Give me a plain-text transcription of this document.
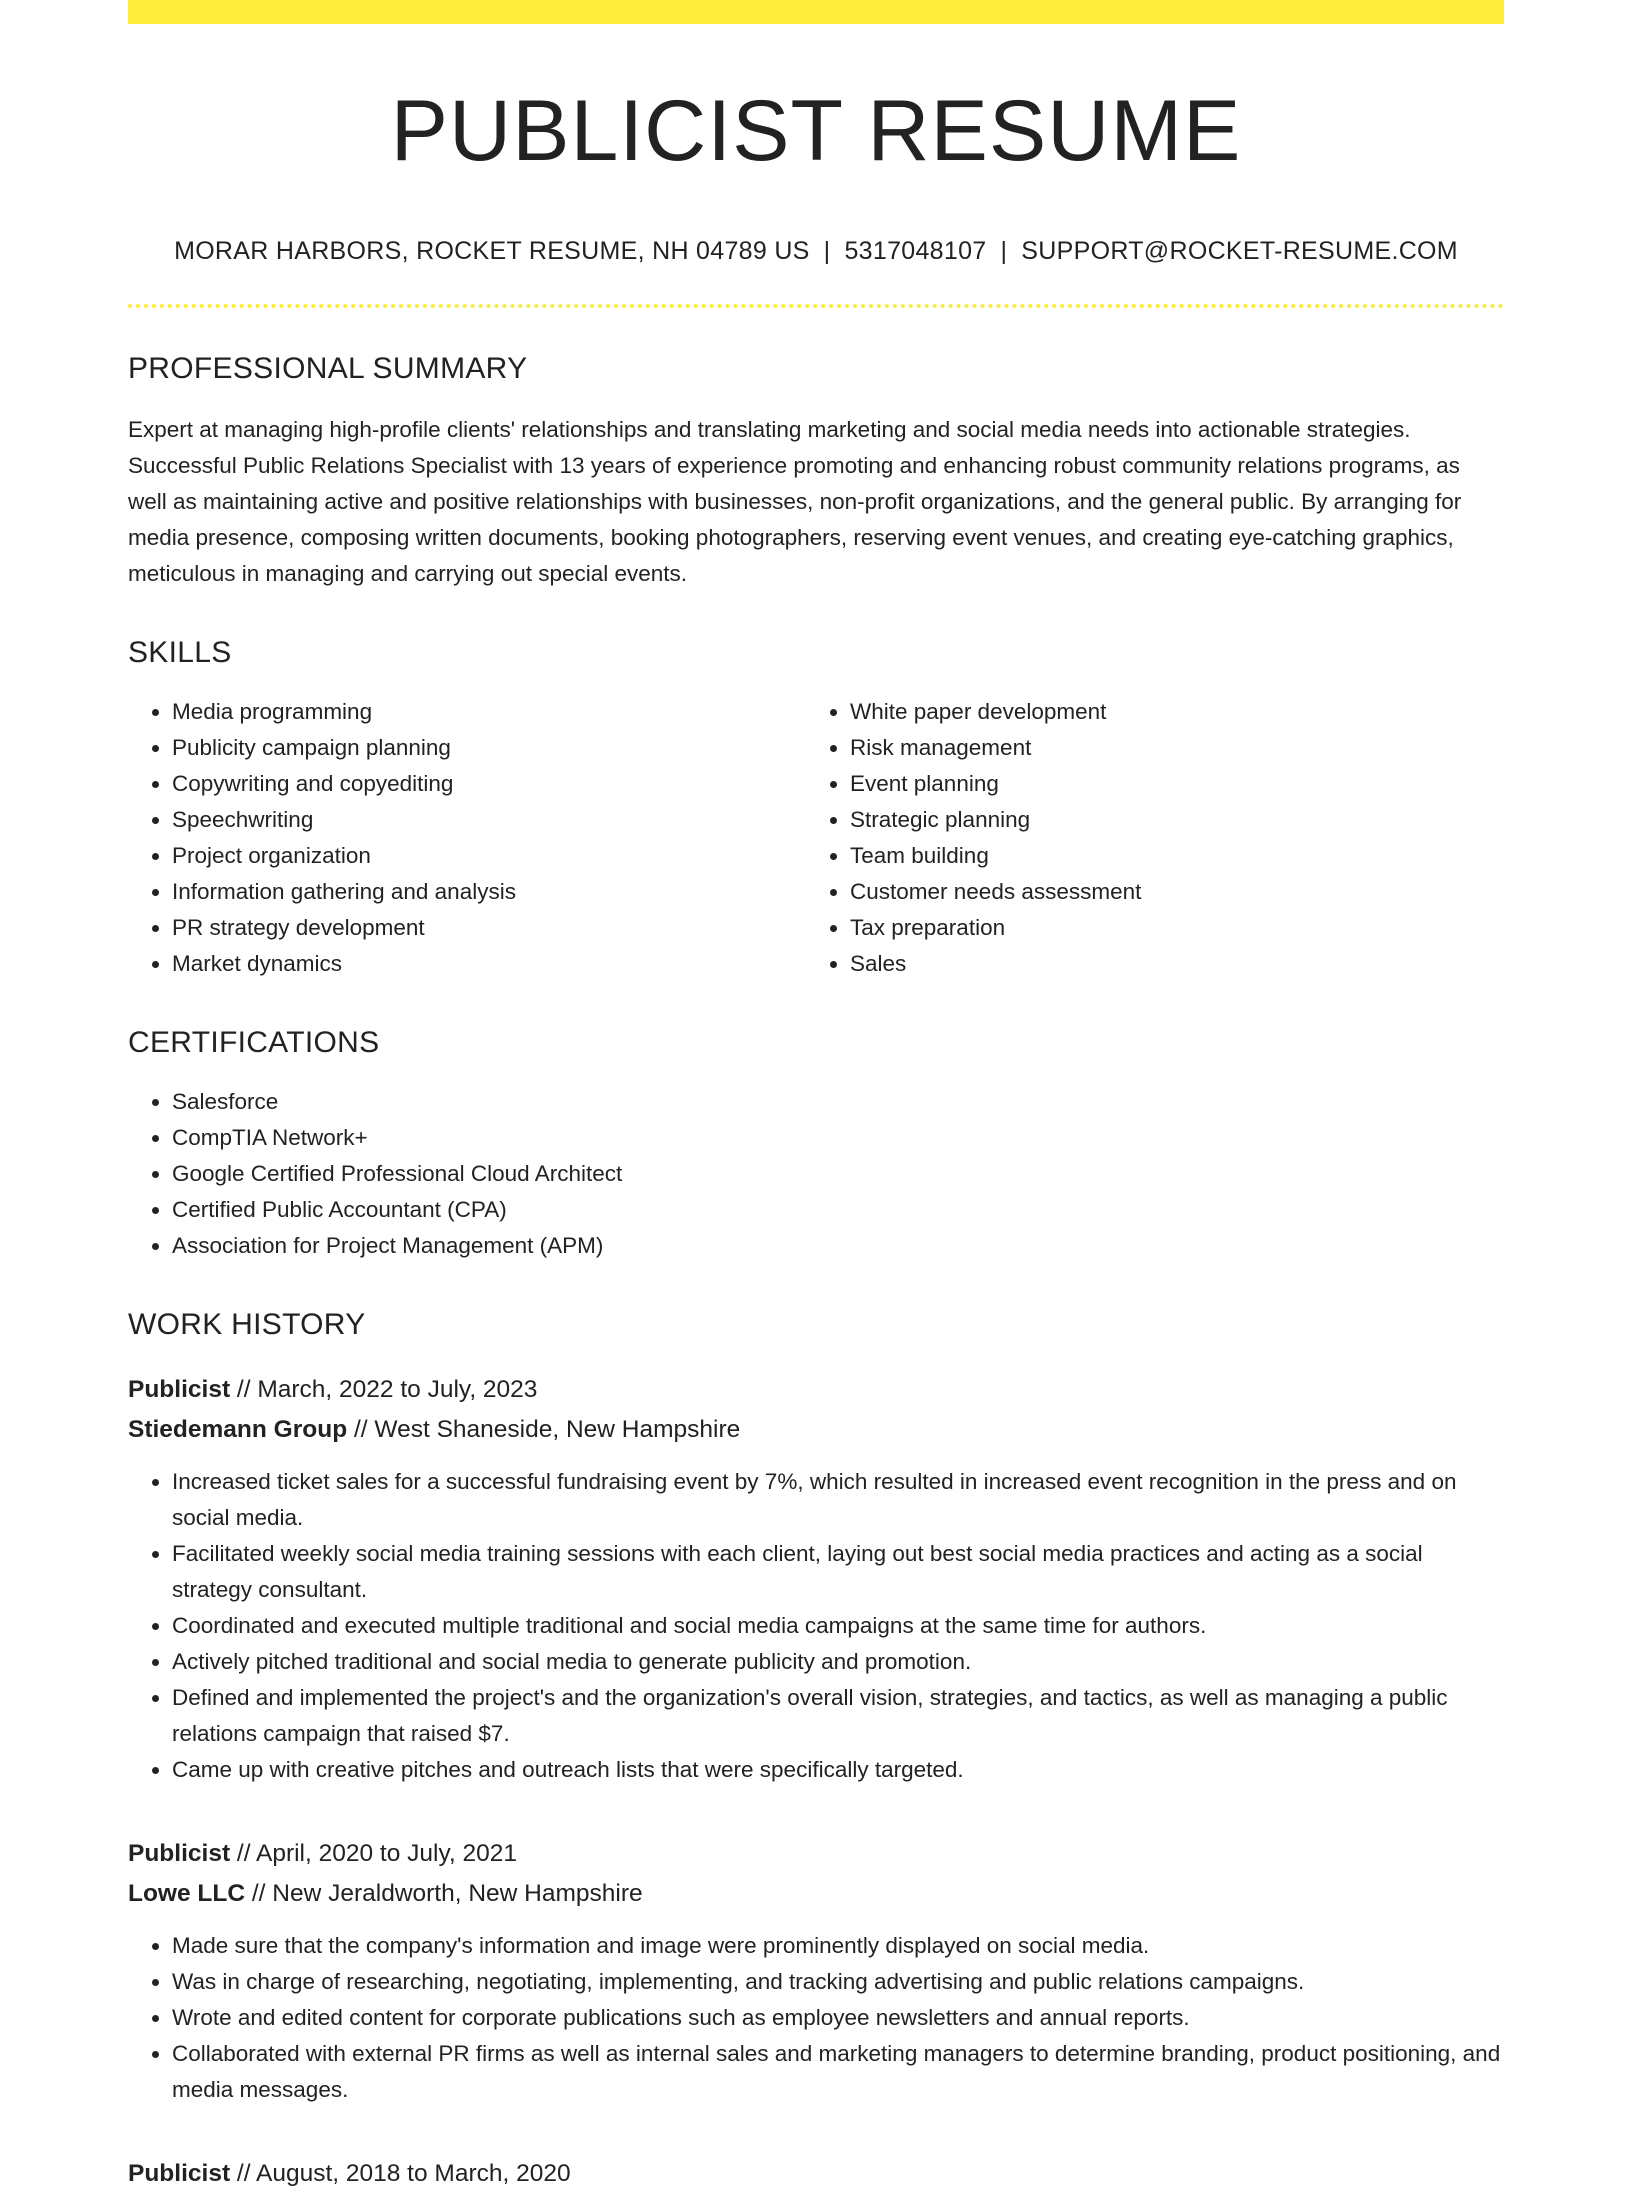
PUBLICIST RESUME
MORAR HARBORS, ROCKET RESUME, NH 04789 US | 5317048107 | SUPPORT@ROCKET-RESUME.COM
PROFESSIONAL SUMMARY

Expert at managing high-profile clients' relationships and translating marketing and social media needs into actionable strategies. Successful Public Relations Specialist with 13 years of experience promoting and enhancing robust community relations programs, as well as maintaining active and positive relationships with businesses, non-profit organizations, and the general public. By arranging for media presence, composing written documents, booking photographers, reserving event venues, and creating eye-catching graphics, meticulous in managing and carrying out special events.

SKILLS
• Media programming
• Publicity campaign planning
• Copywriting and copyediting
• Speechwriting
• Project organization
• Information gathering and analysis
• PR strategy development
• Market dynamics
• White paper development
• Risk management
• Event planning
• Strategic planning
• Team building
• Customer needs assessment
• Tax preparation
• Sales
CERTIFICATIONS
• Salesforce
• CompTIA Network+
• Google Certified Professional Cloud Architect
• Certified Public Accountant (CPA)
• Association for Project Management (APM)
WORK HISTORY
Publicist // March, 2022 to July, 2023
Stiedemann Group // West Shaneside, New Hampshire
• Increased ticket sales for a successful fundraising event by 7%, which resulted in increased event recognition in the press and on social media.
• Facilitated weekly social media training sessions with each client, laying out best social media practices and acting as a social strategy consultant.
• Coordinated and executed multiple traditional and social media campaigns at the same time for authors.
• Actively pitched traditional and social media to generate publicity and promotion.
• Defined and implemented the project's and the organization's overall vision, strategies, and tactics, as well as managing a public relations campaign that raised $7.
• Came up with creative pitches and outreach lists that were specifically targeted.
Publicist // April, 2020 to July, 2021
Lowe LLC // New Jeraldworth, New Hampshire
• Made sure that the company's information and image were prominently displayed on social media.
• Was in charge of researching, negotiating, implementing, and tracking advertising and public relations campaigns.
• Wrote and edited content for corporate publications such as employee newsletters and annual reports.
• Collaborated with external PR firms as well as internal sales and marketing managers to determine branding, product positioning, and media messages.
Publicist // August, 2018 to March, 2020
